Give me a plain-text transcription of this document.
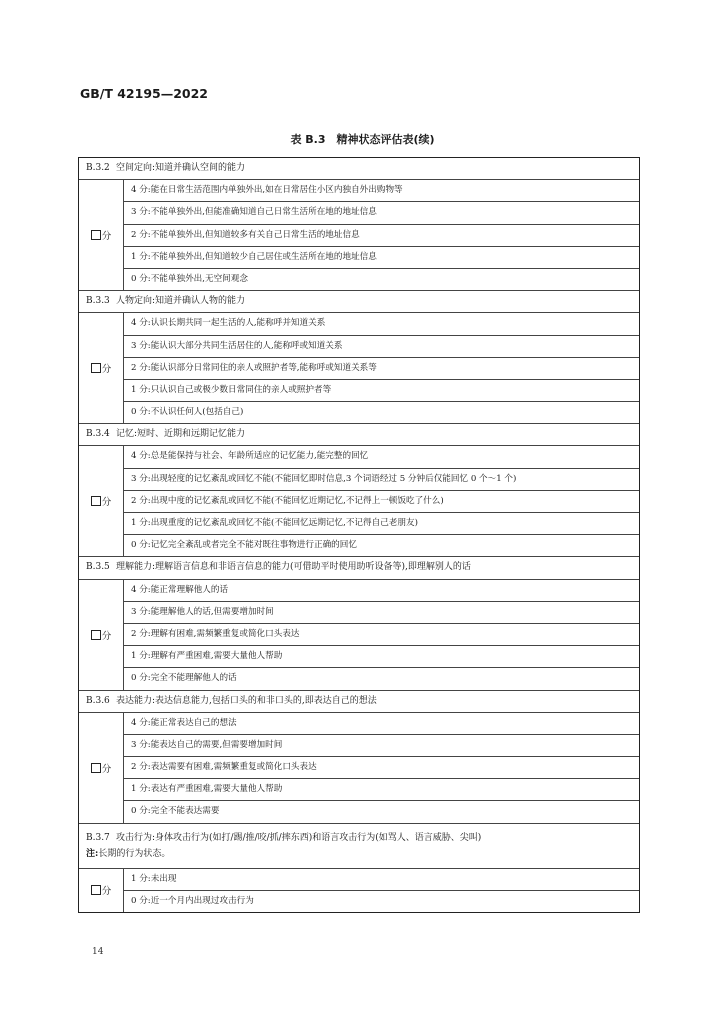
GB/T 42195—2022
表 B.3　精神状态评估表(续)
B.3.2 空间定向:知道并确认空间的能力
分
4 分:能在日常生活范围内单独外出,如在日常居住小区内独自外出购物等
3 分:不能单独外出,但能准确知道自己日常生活所在地的地址信息
2 分:不能单独外出,但知道较多有关自己日常生活的地址信息
1 分:不能单独外出,但知道较少自己居住或生活所在地的地址信息
0 分:不能单独外出,无空间观念
B.3.3 人物定向:知道并确认人物的能力
分
4 分:认识长期共同一起生活的人,能称呼并知道关系
3 分:能认识大部分共同生活居住的人,能称呼或知道关系
2 分:能认识部分日常同住的亲人或照护者等,能称呼或知道关系等
1 分:只认识自己或极少数日常同住的亲人或照护者等
0 分:不认识任何人(包括自己)
B.3.4 记忆:短时、近期和远期记忆能力
分
4 分:总是能保持与社会、年龄所适应的记忆能力,能完整的回忆
3 分:出现轻度的记忆紊乱或回忆不能(不能回忆即时信息,3 个词语经过 5 分钟后仅能回忆 0 个～1 个)
2 分:出现中度的记忆紊乱或回忆不能(不能回忆近期记忆,不记得上一顿饭吃了什么)
1 分:出现重度的记忆紊乱或回忆不能(不能回忆远期记忆,不记得自己老朋友)
0 分:记忆完全紊乱或者完全不能对既往事物进行正确的回忆
B.3.5 理解能力:理解语言信息和非语言信息的能力(可借助平时使用助听设备等),即理解别人的话
分
4 分:能正常理解他人的话
3 分:能理解他人的话,但需要增加时间
2 分:理解有困难,需频繁重复或简化口头表达
1 分:理解有严重困难,需要大量他人帮助
0 分:完全不能理解他人的话
B.3.6 表达能力:表达信息能力,包括口头的和非口头的,即表达自己的想法
分
4 分:能正常表达自己的想法
3 分:能表达自己的需要,但需要增加时间
2 分:表达需要有困难,需频繁重复或简化口头表达
1 分:表达有严重困难,需要大量他人帮助
0 分:完全不能表达需要
B.3.7 攻击行为:身体攻击行为(如打/踢/推/咬/抓/摔东西)和语言攻击行为(如骂人、语言威胁、尖叫)
注:长期的行为状态。
分
1 分:未出现
0 分:近一个月内出现过攻击行为
14
